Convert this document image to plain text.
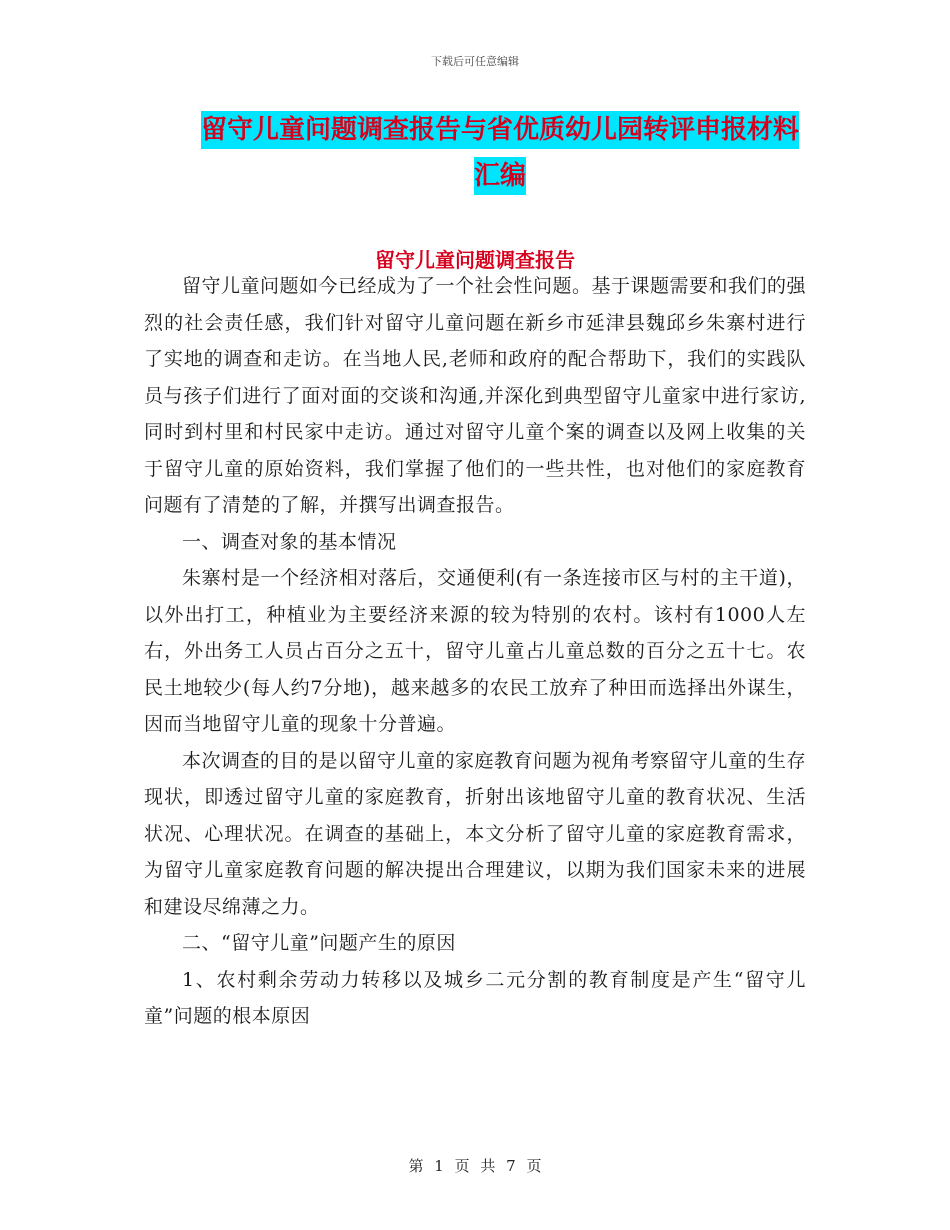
下载后可任意编辑
留守儿童问题调查报告与省优质幼儿园转评申报材料
汇编
留守儿童问题调查报告

留守儿童问题如今已经成为了一个社会性问题。基于课题需要和我们的强烈的社会责任感，我们针对留守儿童问题在新乡市延津县魏邱乡朱寨村进行了实地的调查和走访。在当地人民,老师和政府的配合帮助下，我们的实践队员与孩子们进行了面对面的交谈和沟通,并深化到典型留守儿童家中进行家访,同时到村里和村民家中走访。通过对留守儿童个案的调查以及网上收集的关于留守儿童的原始资料，我们掌握了他们的一些共性，也对他们的家庭教育问题有了清楚的了解，并撰写出调查报告。

一、调查对象的基本情况

朱寨村是一个经济相对落后，交通便利(有一条连接市区与村的主干道)，以外出打工，种植业为主要经济来源的较为特别的农村。该村有1000人左右，外出务工人员占百分之五十，留守儿童占儿童总数的百分之五十七。农民土地较少(每人约7分地)，越来越多的农民工放弃了种田而选择出外谋生，因而当地留守儿童的现象十分普遍。

本次调查的目的是以留守儿童的家庭教育问题为视角考察留守儿童的生存现状，即透过留守儿童的家庭教育，折射出该地留守儿童的教育状况、生活状况、心理状况。在调查的基础上，本文分析了留守儿童的家庭教育需求，为留守儿童家庭教育问题的解决提出合理建议，以期为我们国家未来的进展和建设尽绵薄之力。

二、“留守儿童”问题产生的原因

1、农村剩余劳动力转移以及城乡二元分割的教育制度是产生“留守儿童”问题的根本原因

第 1 页 共 7 页
